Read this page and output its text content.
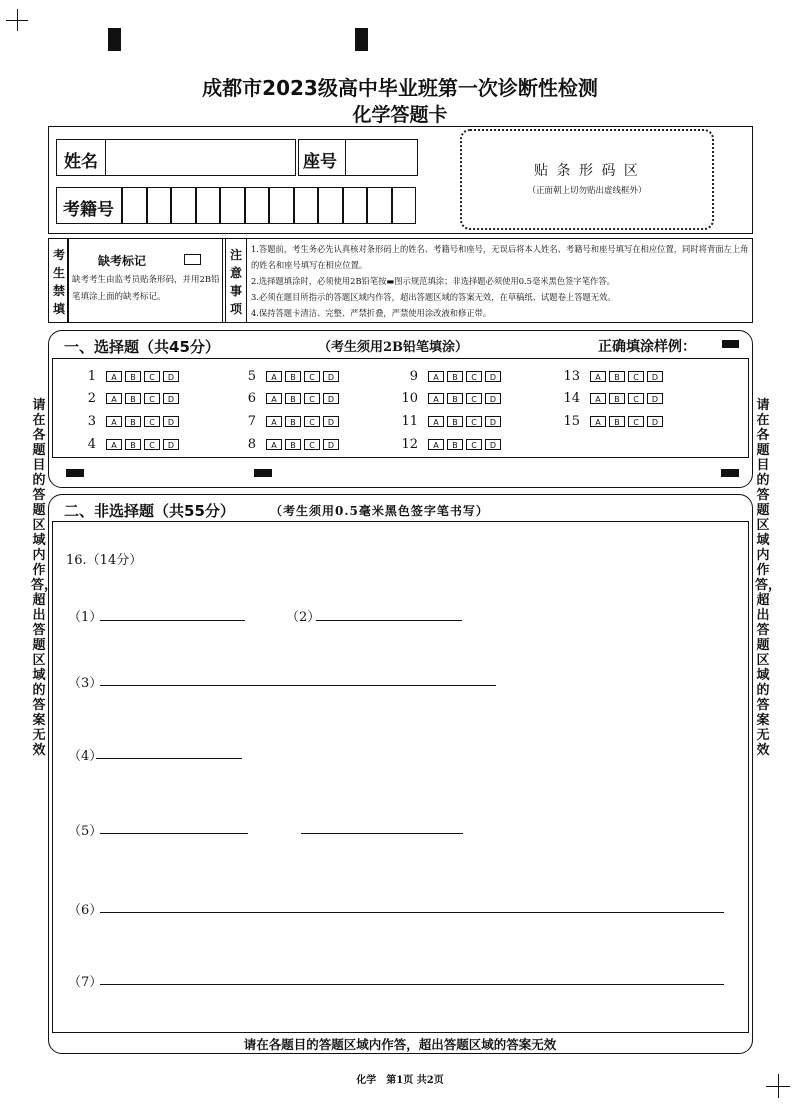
成都市2023级高中毕业班第一次诊断性检测
化学答题卡
姓名	座号
考籍号
贴 条 形 码 区
（正面朝上切勿贴出虚线框外）
考生禁填
缺考标记
缺考考生由监考员贴条形码，并用2B铅笔填涂上面的缺考标记。
注意事项
1.答题前，考生务必先认真核对条形码上的姓名、考籍号和座号，无误后将本人姓名、考籍号和座号填写在相应位置，同时将背面左上角的姓名和座号填写在相应位置。
2.选择题填涂时，必须使用2B铅笔按▬图示规范填涂；非选择题必须使用0.5毫米黑色签字笔作答。
3.必须在题目所指示的答题区域内作答，超出答题区域的答案无效，在草稿纸、试题卷上答题无效。
4.保持答题卡清洁、完整、严禁折叠，严禁使用涂改液和修正带。
请在各题目的答题区域内作答，超出答题区域的答案无效
请在各题目的答题区域内作答，超出答题区域的答案无效
一、选择题（共45分）	（考生须用2B铅笔填涂）	正确填涂样例：
1	A	B	C	D
2	A	B	C	D
3	A	B	C	D
4	A	B	C	D
5	A	B	C	D
6	A	B	C	D
7	A	B	C	D
8	A	B	C	D
9	A	B	C	D
10	A	B	C	D
11	A	B	C	D
12	A	B	C	D
13	A	B	C	D
14	A	B	C	D
15	A	B	C	D
二、非选择题（共55分）	（考生须用0.5毫米黑色签字笔书写）
16.（14分）
（1）	（2）
（3）
（4）
（5）
（6）
（7）
请在各题目的答题区域内作答，超出答题区域的答案无效
化学　第1页 共2页
